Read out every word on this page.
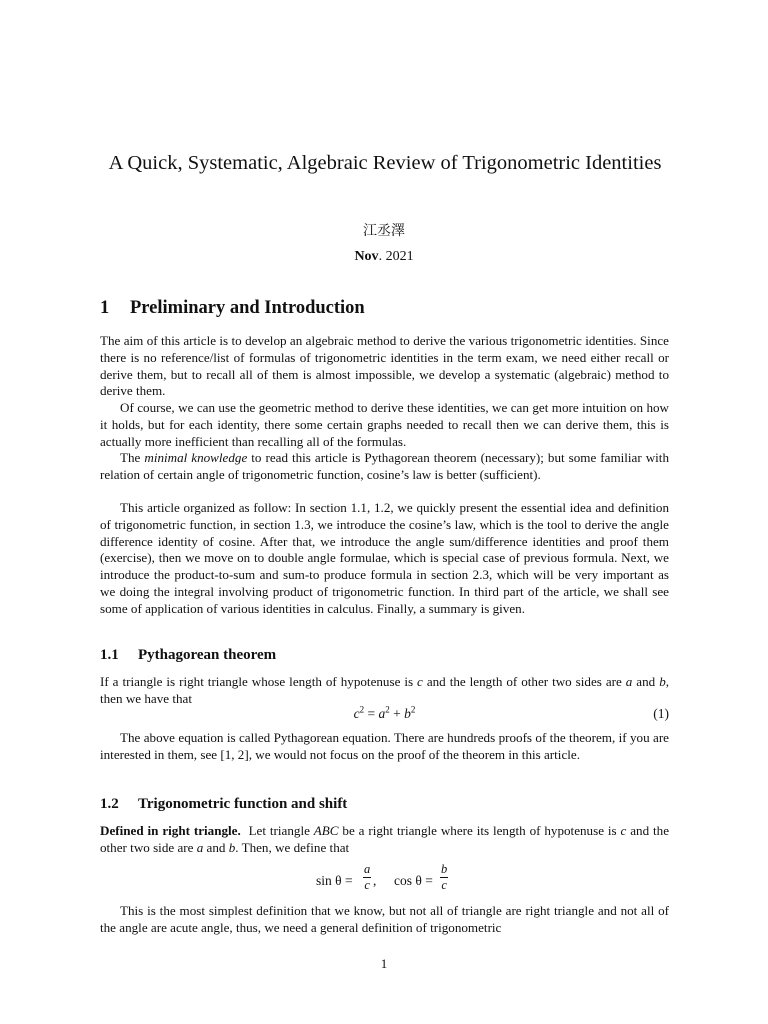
A Quick, Systematic, Algebraic Review of Trigonometric Identities
江丞澤
Nov. 2021
1 Preliminary and Introduction
The aim of this article is to develop an algebraic method to derive the various trigonometric identities. Since there is no reference/list of formulas of trigonometric identities in the term exam, we need either recall or derive them, but to recall all of them is almost impossible, we develop a systematic (algebraic) method to derive them.
Of course, we can use the geometric method to derive these identities, we can get more intuition on how it holds, but for each identity, there some certain graphs needed to recall then we can derive them, this is actually more inefficient than recalling all of the formulas.
The minimal knowledge to read this article is Pythagorean theorem (necessary); but some familiar with relation of certain angle of trigonometric function, cosine’s law is better (sufficient).
This article organized as follow: In section 1.1, 1.2, we quickly present the essential idea and definition of trigonometric function, in section 1.3, we introduce the cosine’s law, which is the tool to derive the angle difference identity of cosine. After that, we introduce the angle sum/difference identities and proof them (exercise), then we move on to double angle formulae, which is special case of previous formula. Next, we introduce the product-to-sum and sum-to produce formula in section 2.3, which will be very important as we doing the integral involving product of trigonometric function. In third part of the article, we shall see some of application of various identities in calculus. Finally, a summary is given.
1.1 Pythagorean theorem
If a triangle is right triangle whose length of hypotenuse is c and the length of other two sides are a and b, then we have that
$c^2 = a^2 + b^2$	(1)
The above equation is called Pythagorean equation. There are hundreds proofs of the theorem, if you are interested in them, see [1, 2], we would not focus on the proof of the theorem in this article.
1.2 Trigonometric function and shift
Defined in right triangle. Let triangle ABC be a right triangle where its length of hypotenuse is c and the other two side are a and b. Then, we define that
$\sin \theta = \frac{a}{c}$ , $\cos \theta = \frac{b}{c}$
This is the most simplest definition that we know, but not all of triangle are right triangle and not all of the angle are acute angle, thus, we need a general definition of trigonometric
1
